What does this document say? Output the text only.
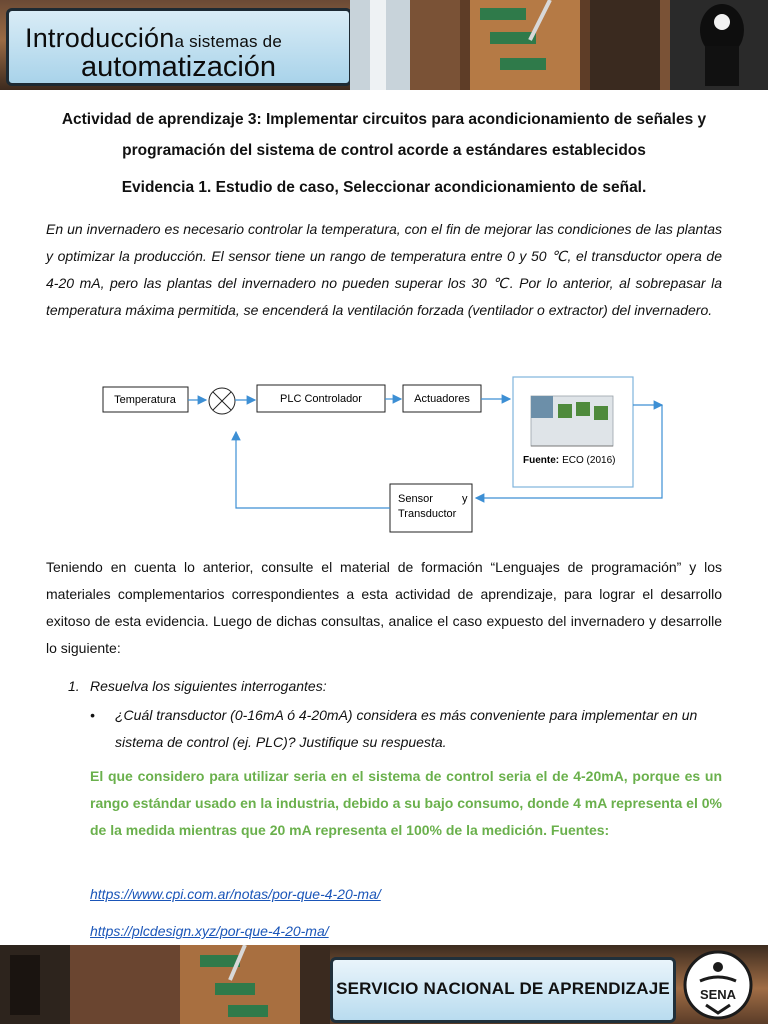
Introduccióna sistemas de
automatización
Actividad de aprendizaje 3: Implementar circuitos para acondicionamiento de señales y programación del sistema de control acorde a estándares establecidos
Evidencia 1. Estudio de caso, Seleccionar acondicionamiento de señal.

En un invernadero es necesario controlar la temperatura, con el fin de mejorar las condiciones de las plantas y optimizar la producción. El sensor tiene un rango de temperatura entre 0 y 50 ℃, el transductor opera de 4-20 mA, pero las plantas del invernadero no pueden superar los 30 ℃. Por lo anterior, al sobrepasar la temperatura máxima permitida, se encenderá la ventilación forzada (ventilador o extractor) del invernadero.

Temperatura	PLC Controlador	Actuadores
Fuente: ECO (2016)
Sensor	y
Transductor

Teniendo en cuenta lo anterior, consulte el material de formación “Lenguajes de programación” y los materiales complementarios correspondientes a esta actividad de aprendizaje, para lograr el desarrollo exitoso de esta evidencia. Luego de dichas consultas, analice el caso expuesto del invernadero y desarrolle lo siguiente:

1. Resuelva los siguientes interrogantes:
• ¿Cuál transductor (0-16mA ó 4-20mA) considera es más conveniente para implementar en un sistema de control (ej. PLC)? Justifique su respuesta.

El que considero para utilizar seria en el sistema de control seria el de 4-20mA, porque es un rango estándar usado en la industria, debido a su bajo consumo, donde 4 mA representa el 0% de la medida mientras que 20 mA representa el 100% de la medición. Fuentes:

https://www.cpi.com.ar/notas/por-que-4-20-ma/
https://plcdesign.xyz/por-que-4-20-ma/
SERVICIO NACIONAL DE APRENDIZAJE SENA
